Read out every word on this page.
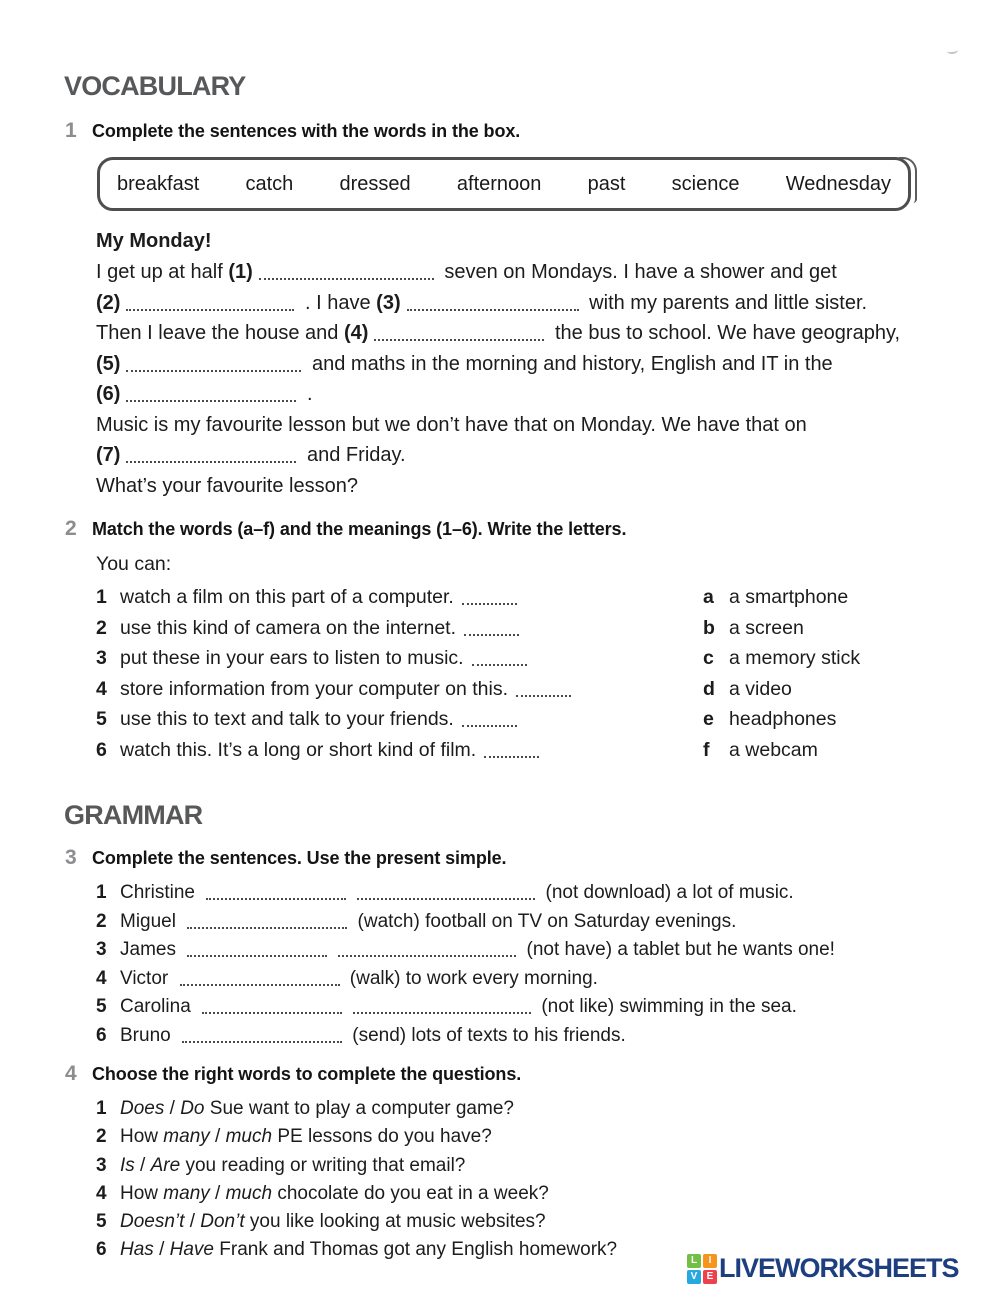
VOCABULARY
1 Complete the sentences with the words in the box.
breakfast catch dressed afternoon past science Wednesday
My Monday!
I get up at half (1)	seven on Mondays. I have a shower and get
(2)	. I have (3)	with my parents and little sister.
Then I leave the house and (4)	the bus to school. We have geography,
(5)	and maths in the morning and history, English and IT in the
(6)	.
Music is my favourite lesson but we don’t have that on Monday. We have that on
(7)	and Friday.
What’s your favourite lesson?
2 Match the words (a–f) and the meanings (1–6). Write the letters.
You can:
1 watch a film on this part of a computer.
2 use this kind of camera on the internet.
3 put these in your ears to listen to music.
4 store information from your computer on this.
5 use this to text and talk to your friends.
6 watch this. It’s a long or short kind of film.
a a smartphone
b a screen
c a memory stick
d a video
e headphones
f a webcam
GRAMMAR
3 Complete the sentences. Use the present simple.
1 Christine	(not download) a lot of music.
2 Miguel	(watch) football on TV on Saturday evenings.
3 James	(not have) a tablet but he wants one!
4 Victor	(walk) to work every morning.
5 Carolina	(not like) swimming in the sea.
6 Bruno	(send) lots of texts to his friends.
4 Choose the right words to complete the questions.
1 Does / Do Sue want to play a computer game?
2 How many / much PE lessons do you have?
3 Is / Are you reading or writing that email?
4 How many / much chocolate do you eat in a week?
5 Doesn’t / Don’t you like looking at music websites?
6 Has / Have Frank and Thomas got any English homework?
L	I
V E LIVEWORKSHEETS
